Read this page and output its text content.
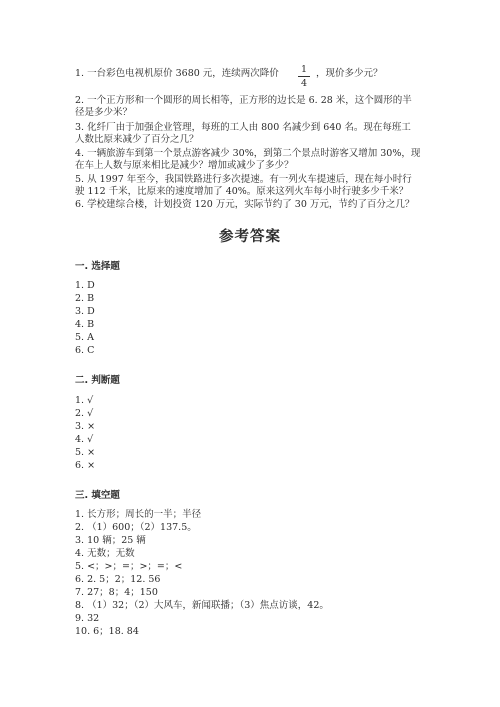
1. 一台彩色电视机原价 3680 元，连续两次降价	1
4
，现价多少元？
2. 一个正方形和一个圆形的周长相等，正方形的边长是 6. 28 米，这个圆形的半
径是多少米？
3. 化纤厂由于加强企业管理，每班的工人由 800 名减少到 640 名。现在每班工
人数比原来减少了百分之几？
4. 一辆旅游车到第一个景点游客减少 30%，到第二个景点时游客又增加 30%，现
在车上人数与原来相比是减少？增加或减少了多少？
5. 从 1997 年至今，我国铁路进行多次提速。有一列火车提速后，现在每小时行
驶 112 千米，比原来的速度增加了 40%。原来这列火车每小时行驶多少千米？
6. 学校建综合楼，计划投资 120 万元，实际节约了 30 万元，节约了百分之几？
参考答案
一. 选择题
1. D
2. B
3. D
4. B
5. A
6. C
二. 判断题
1. √
2. √
3. ×
4. √
5. ×
6. ×
三. 填空题
1. 长方形；周长的一半；半径
2. （1）600；（2）137.5。
3. 10 辆；25 辆
4. 无数；无数
5. <；>；=；>；=；<
6. 2. 5；2；12. 56
7. 27；8；4；150
8. （1）32；（2）大风车，新闻联播；（3）焦点访谈，42。
9. 32
10. 6；18. 84
